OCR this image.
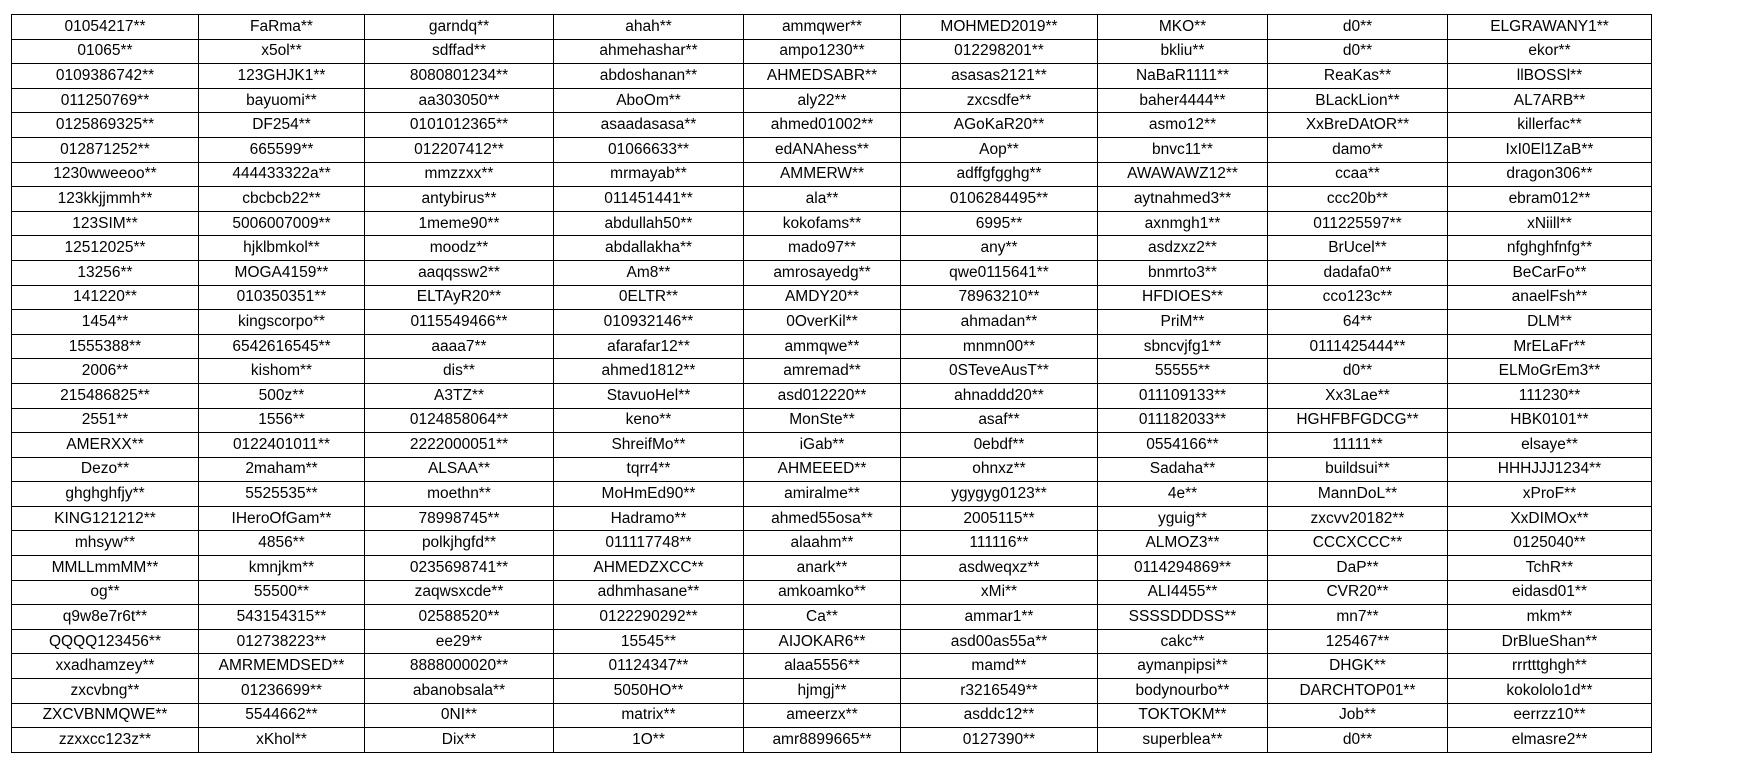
01054217**	FaRma**	garndq**	ahah**	ammqwer**	MOHMED2019**	MKO**	d0**	ELGRAWANY1**
01065**	x5ol**	sdffad**	ahmehashar**	ampo1230**	012298201**	bkliu**	d0**	ekor**
0109386742**	123GHJK1**	8080801234**	abdoshanan**	AHMEDSABR**	asasas2121**	NaBaR1111**	ReaKas**	llBOSSl**
011250769**	bayuomi**	aa303050**	AboOm**	aly22**	zxcsdfe**	baher4444**	BLackLion**	AL7ARB**
0125869325**	DF254**	0101012365**	asaadasasa**	ahmed01002**	AGoKaR20**	asmo12**	XxBreDAtOR**	killerfac**
012871252**	665599**	012207412**	01066633**	edANAhess**	Aop**	bnvc11**	damo**	IxI0El1ZaB**
1230wweeoo**	444433322a**	mmzzxx**	mrmayab**	AMMERW**	adffgfgghg**	AWAWAWZ12**	ccaa**	dragon306**
123kkjjmmh**	cbcbcb22**	antybirus**	011451441**	ala**	0106284495**	aytnahmed3**	ccc20b**	ebram012**
123SIM**	5006007009**	1meme90**	abdullah50**	kokofams**	6995**	axnmgh1**	011225597**	xNiill**
12512025**	hjklbmkol**	moodz**	abdallakha**	mado97**	any**	asdzxz2**	BrUcel**	nfghghfnfg**
13256**	MOGA4159**	aaqqssw2**	Am8**	amrosayedg**	qwe0115641**	bnmrto3**	dadafa0**	BeCarFo**
141220**	010350351**	ELTAyR20**	0ELTR**	AMDY20**	78963210**	HFDIOES**	cco123c**	anaelFsh**
1454**	kingscorpo**	0115549466**	010932146**	0OverKil**	ahmadan**	PriM**	64**	DLM**
1555388**	6542616545**	aaaa7**	afarafar12**	ammqwe**	mnmn00**	sbncvjfg1**	0111425444**	MrELaFr**
2006**	kishom**	dis**	ahmed1812**	amremad**	0STeveAusT**	55555**	d0**	ELMoGrEm3**
215486825**	500z**	A3TZ**	StavuoHel**	asd012220**	ahnaddd20**	011109133**	Xx3Lae**	111230**
2551**	1556**	0124858064**	keno**	MonSte**	asaf**	011182033**	HGHFBFGDCG**	HBK0101**
AMERXX**	0122401011**	2222000051**	ShreifMo**	iGab**	0ebdf**	0554166**	11111**	elsaye**
Dezo**	2maham**	ALSAA**	tqrr4**	AHMEEED**	ohnxz**	Sadaha**	buildsui**	HHHJJJ1234**
ghghghfjy**	5525535**	moethn**	MoHmEd90**	amiralme**	ygygyg0123**	4e**	MannDoL**	xProF**
KING121212**	IHeroOfGam**	78998745**	Hadramo**	ahmed55osa**	2005115**	yguig**	zxcvv20182**	XxDIMOx**
mhsyw**	4856**	polkjhgfd**	011117748**	alaahm**	111116**	ALMOZ3**	CCCXCCC**	0125040**
MMLLmmMM**	kmnjkm**	0235698741**	AHMEDZXCC**	anark**	asdweqxz**	0114294869**	DaP**	TchR**
og**	55500**	zaqwsxcde**	adhmhasane**	amkoamko**	xMi**	ALI4455**	CVR20**	eidasd01**
q9w8e7r6t**	543154315**	02588520**	0122290292**	Ca**	ammar1**	SSSSDDDSS**	mn7**	mkm**
QQQQ123456**	012738223**	ee29**	15545**	AIJOKAR6**	asd00as55a**	cakc**	125467**	DrBlueShan**
xxadhamzey**	AMRMEMDSED**	8888000020**	01124347**	alaa5556**	mamd**	aymanpipsi**	DHGK**	rrrtttghgh**
zxcvbng**	01236699**	abanobsala**	5050HO**	hjmgj**	r3216549**	bodynourbo**	DARCHTOP01**	kokololo1d**
ZXCVBNMQWE**	5544662**	0NI**	matrix**	ameerzx**	asddc12**	TOKTOKM**	Job**	eerrzz10**
zzxxcc123z**	xKhol**	Dix**	1O**	amr8899665**	0127390**	superblea**	d0**	elmasre2**
